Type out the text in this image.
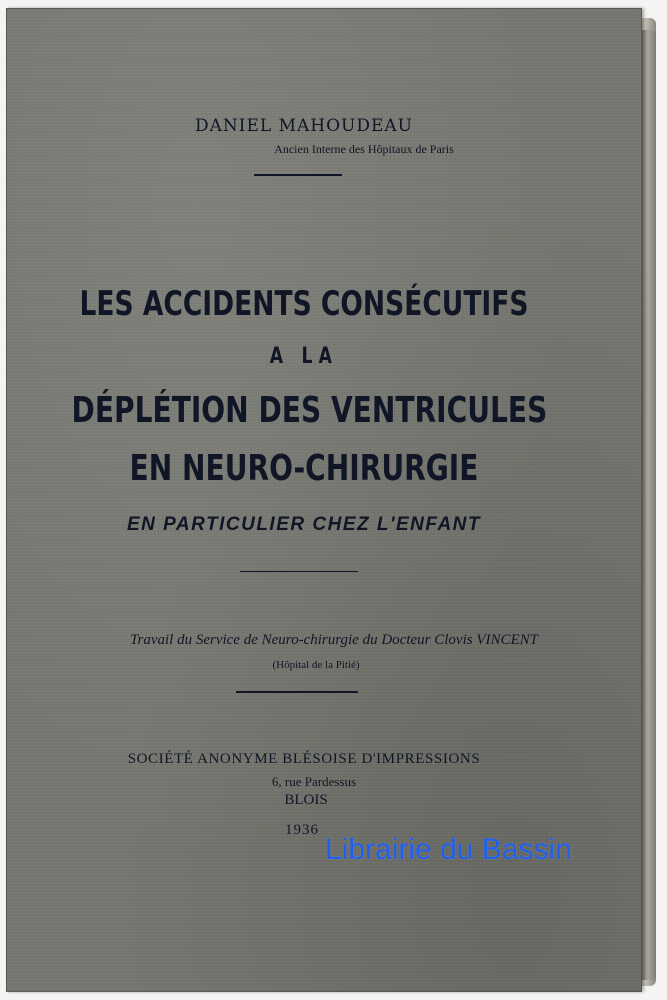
DANIEL MAHOUDEAU
Ancien Interne des Hôpitaux de Paris
LES ACCIDENTS CONSÉCUTIFS
A LA
DÉPLÉTION DES VENTRICULES
EN NEURO-CHIRURGIE
EN PARTICULIER CHEZ L'ENFANT
Travail du Service de Neuro-chirurgie du Docteur Clovis VINCENT
(Hôpital de la Pitié)
SOCIÉTÉ ANONYME BLÉSOISE D'IMPRESSIONS
6, rue Pardessus
BLOIS
1936
Librairie du Bassin
